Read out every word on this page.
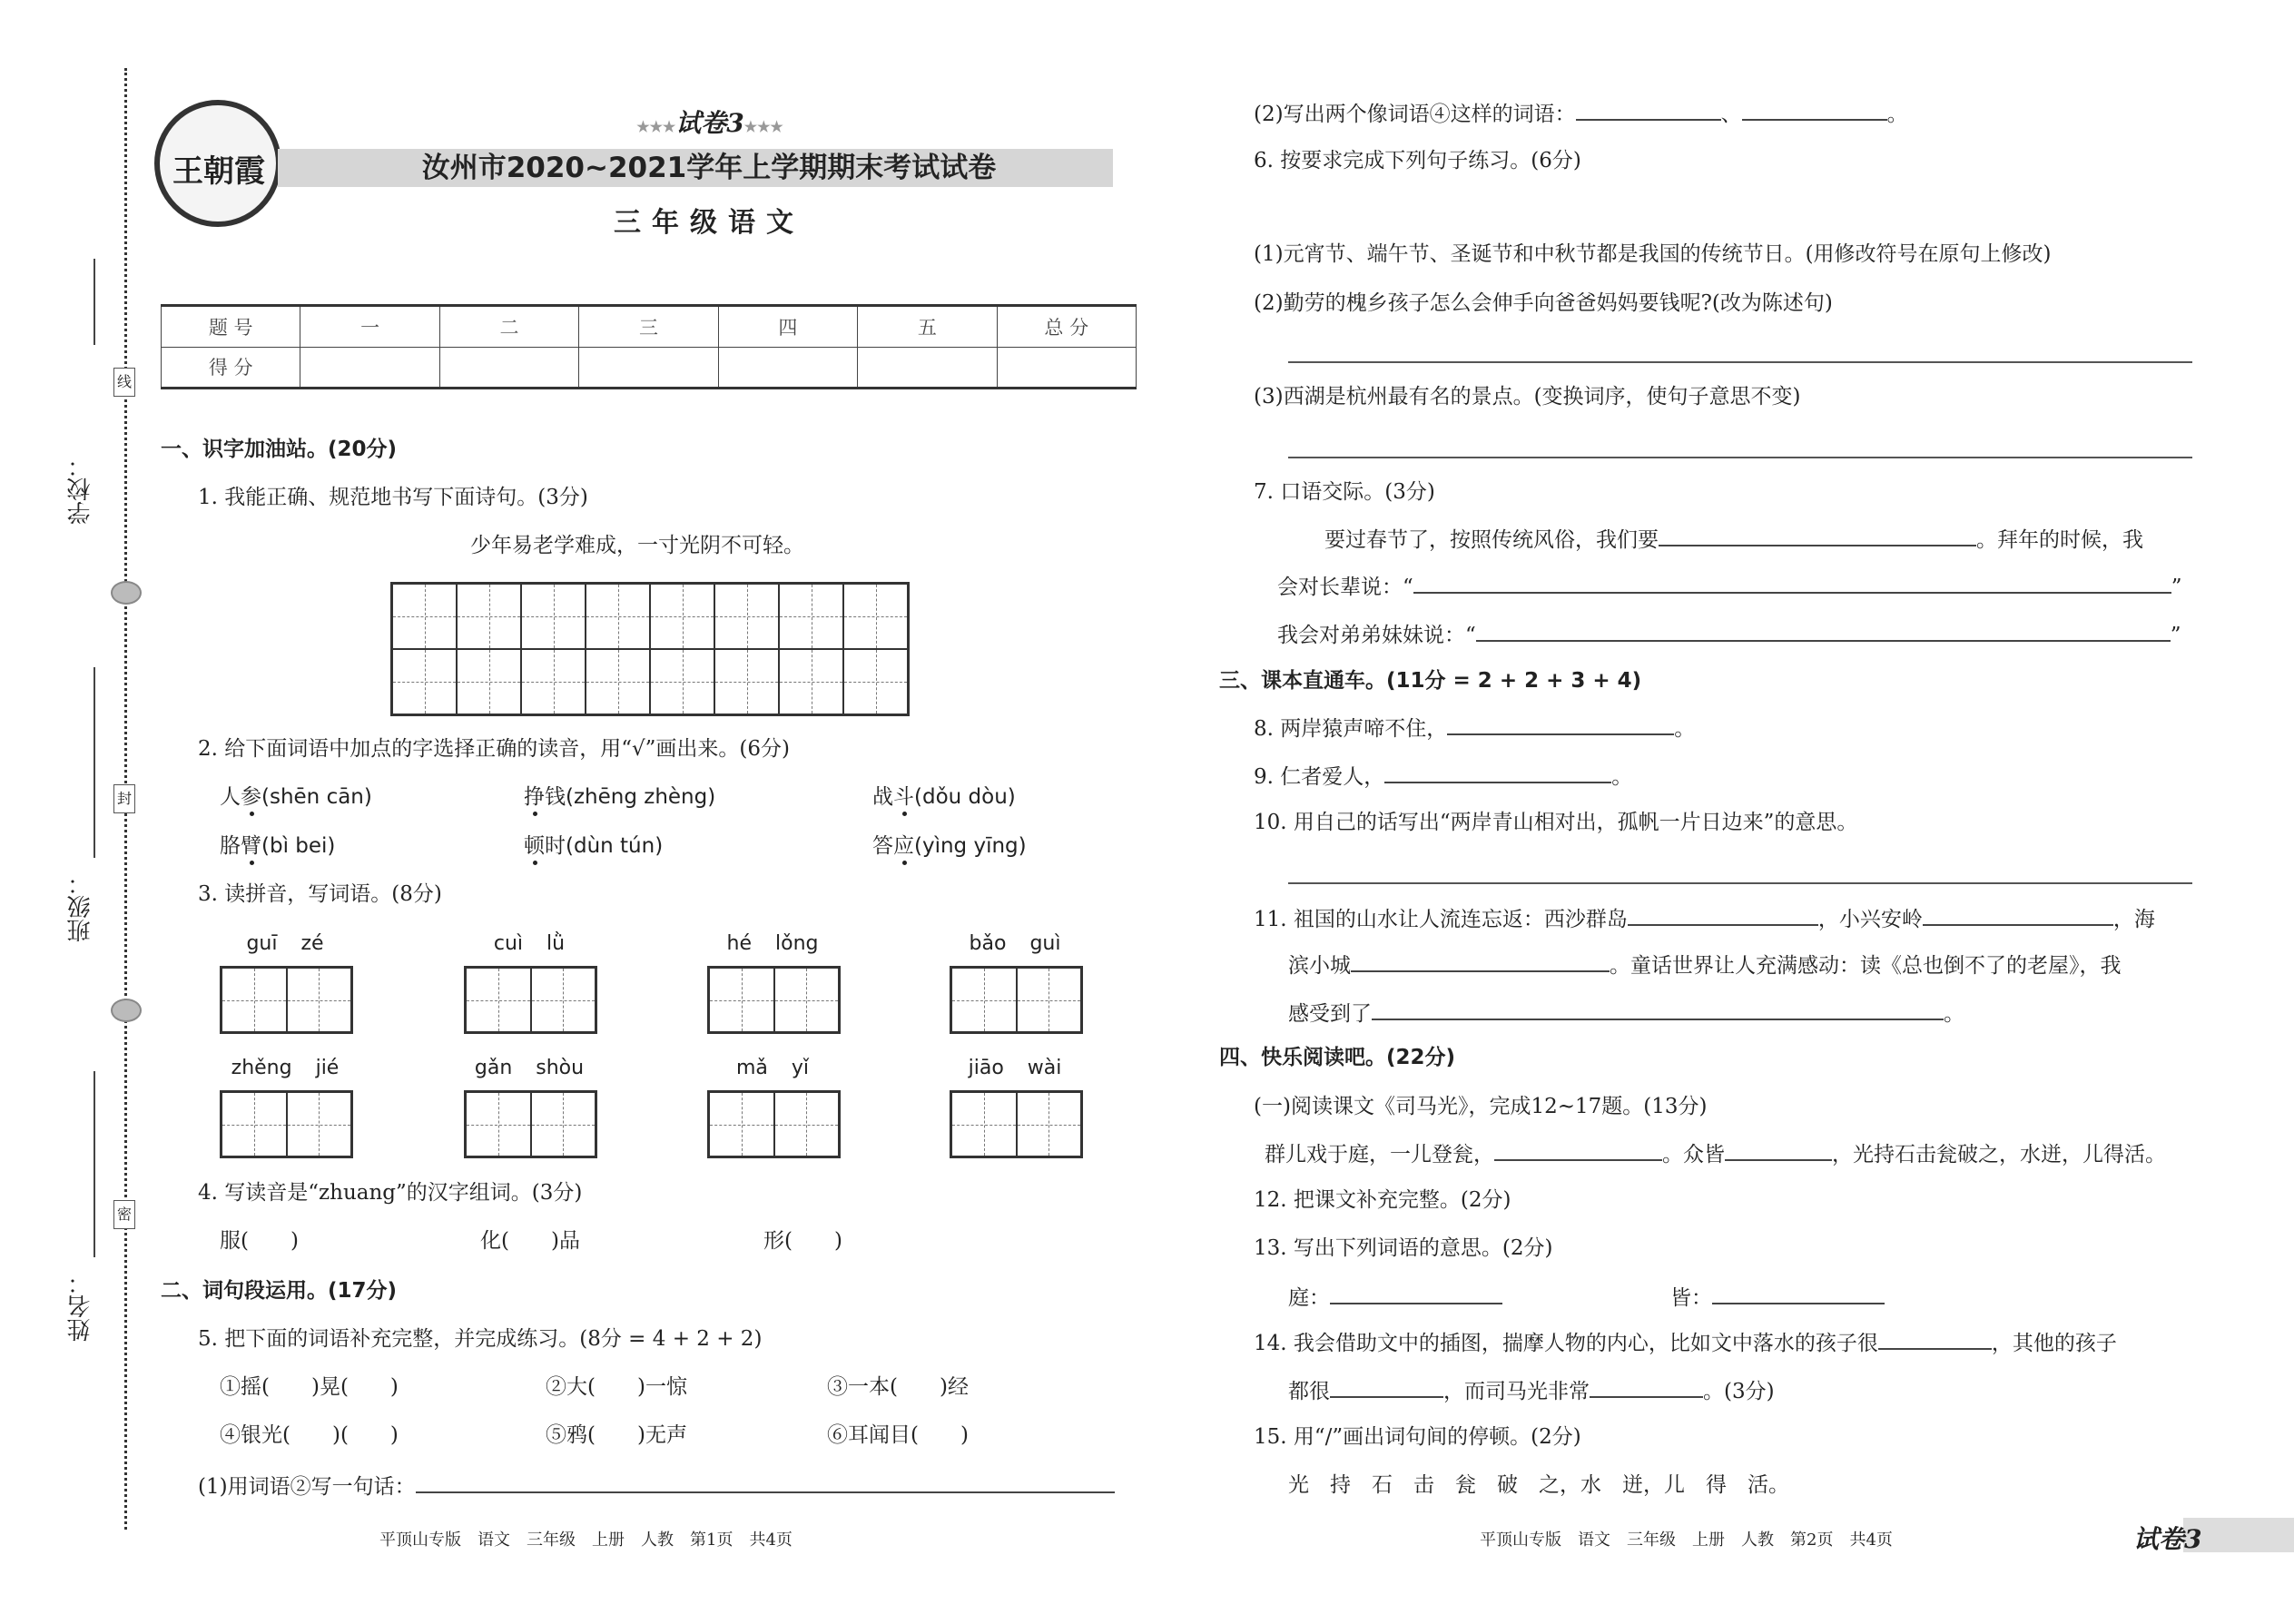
线
封
密
学校：
班级：
姓名：
王朝霞
★★★试卷3★★★
汝州市2020~2021学年上学期期末考试试卷
三年级语文
题 号	一	二	三	四	五	总 分
得 分						
一、识字加油站。(20分)
1. 我能正确、规范地书写下面诗句。(3分)
少年易老学难成，一寸光阴不可轻。
2. 给下面词语中加点的字选择正确的读音，用“√”画出来。(6分)
人参(shēn cān)	挣钱(zhēng zhèng)	战斗(dǒu dòu)
胳臂(bì bei)	顿时(dùn tún)	答应(yìng yīng)
3. 读拼音，写词语。(8分)
guī zé	cuì lǜ	hé lǒng	bǎo guì
zhěng jié	gǎn shòu	mǎ yǐ	jiāo wài
4. 写读音是“zhuang”的汉字组词。(3分)
服(　　)	化(　　)品	形(　　)
二、词句段运用。(17分)
5. 把下面的词语补充完整，并完成练习。(8分 = 4 + 2 + 2)
①摇(　　)晃(　　)	②大(　　)一惊	③一本(　　)经
④银光(　　)(　　)	⑤鸦(　　)无声	⑥耳闻目(　　)
(1)用词语②写一句话：
平顶山专版　语文　三年级　上册　人教　第1页　共4页
(2)写出两个像词语④这样的词语：	、	。
6. 按要求完成下列句子练习。(6分)
(1)元宵节、端午节、圣诞节和中秋节都是我国的传统节日。(用修改符号在原句上修改)
(2)勤劳的槐乡孩子怎么会伸手向爸爸妈妈要钱呢?(改为陈述句)
(3)西湖是杭州最有名的景点。(变换词序，使句子意思不变)
7. 口语交际。(3分)
要过春节了，按照传统风俗，我们要	。拜年的时候，我
会对长辈说：“	”
我会对弟弟妹妹说：“	”
三、课本直通车。(11分 = 2 + 2 + 3 + 4)
8. 两岸猿声啼不住，	。
9. 仁者爱人，	。
10. 用自己的话写出“两岸青山相对出，孤帆一片日边来”的意思。
11. 祖国的山水让人流连忘返：西沙群岛	，小兴安岭	，海
滨小城	。童话世界让人充满感动：读《总也倒不了的老屋》，我
感受到了	。
四、快乐阅读吧。(22分)
(一)阅读课文《司马光》，完成12~17题。(13分)
群儿戏于庭，一儿登瓮，	。众皆	，光持石击瓮破之，水迸，儿得活。
12. 把课文补充完整。(2分)
13. 写出下列词语的意思。(2分)
庭：	皆：
14. 我会借助文中的插图，揣摩人物的内心，比如文中落水的孩子很	，其他的孩子
都很	，而司马光非常	。(3分)
15. 用“/”画出词句间的停顿。(2分)
光　持　石　击　瓮　破　之，水　迸，儿　得　活。
平顶山专版　语文　三年级　上册　人教　第2页　共4页	试卷3
